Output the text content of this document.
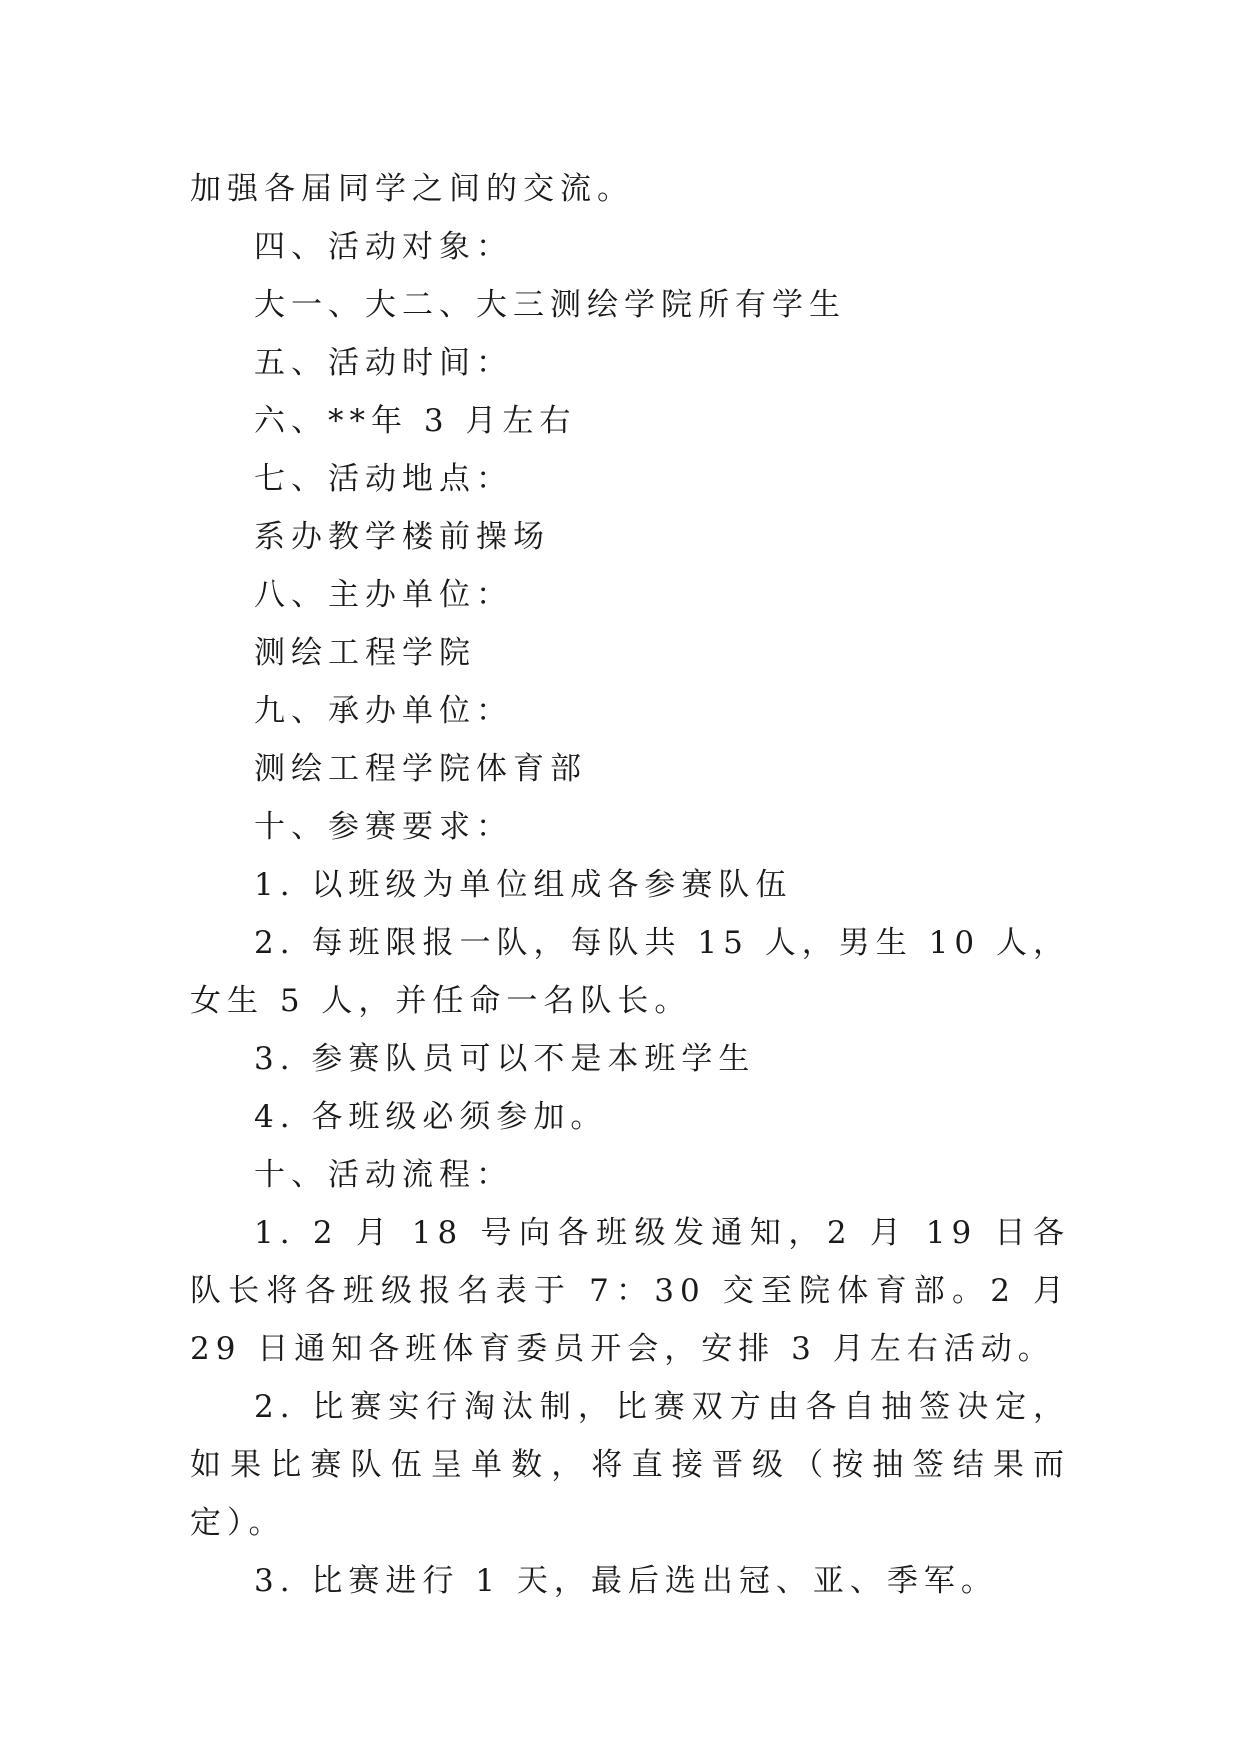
加强各届同学之间的交流。

四、活动对象：

大一、大二、大三测绘学院所有学生

五、活动时间：

六、**年 3 月左右

七、活动地点：

系办教学楼前操场

八、主办单位：

测绘工程学院

九、承办单位：

测绘工程学院体育部

十、参赛要求：

1. 以班级为单位组成各参赛队伍

2. 每班限报一队，每队共 15 人，男生 10 人，女生 5 人，并任命一名队长。

3. 参赛队员可以不是本班学生

4. 各班级必须参加。

十、活动流程：

1. 2 月 18 号向各班级发通知，2 月 19 日各队长将各班级报名表于 7：30 交至院体育部。2 月 29 日通知各班体育委员开会，安排 3 月左右活动。

2. 比赛实行淘汰制，比赛双方由各自抽签决定，如果比赛队伍呈单数，将直接晋级（按抽签结果而定）。

3. 比赛进行 1 天，最后选出冠、亚、季军。
